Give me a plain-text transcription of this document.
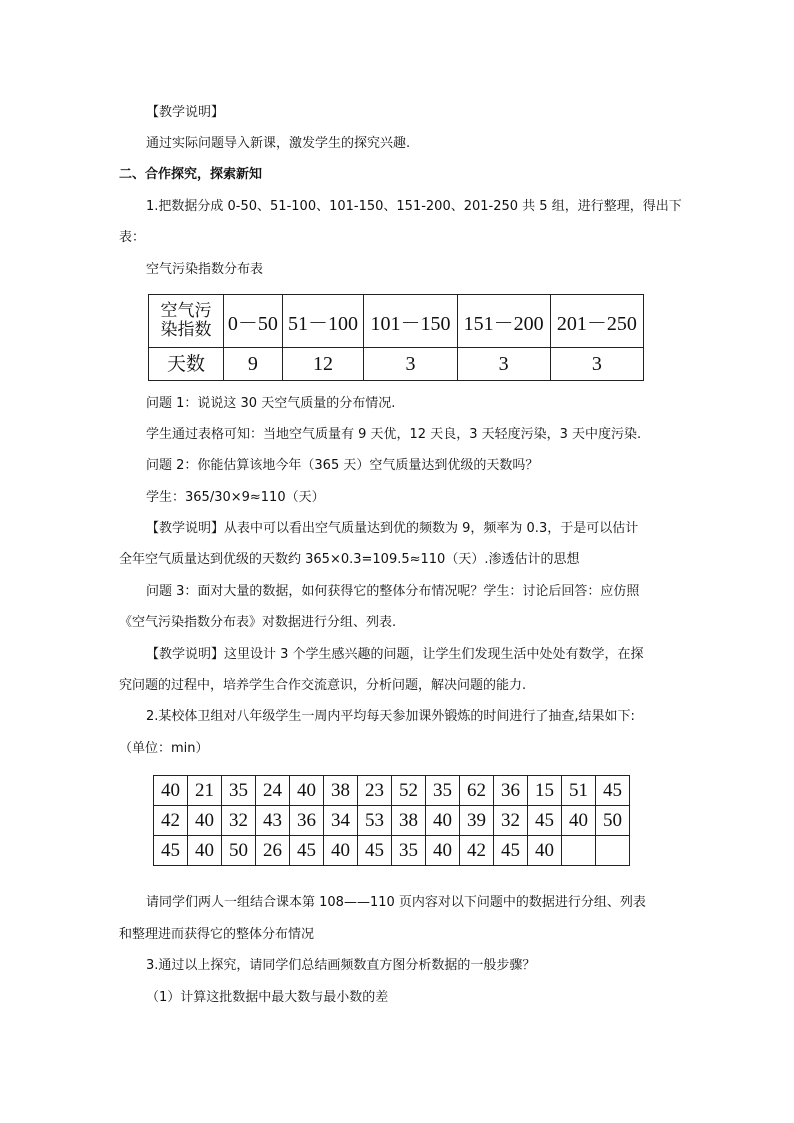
【教学说明】
通过实际问题导入新课，激发学生的探究兴趣.
二、合作探究，探索新知
1.把数据分成 0-50、51-100、101-150、151-200、201-250 共 5 组，进行整理，得出下
表：
空气污染指数分布表
空气污
染指数	0－50	51－100	101－150	151－200	201－250
天数	9	12	3	3	3
问题 1：说说这 30 天空气质量的分布情况.
学生通过表格可知：当地空气质量有 9 天优，12 天良，3 天轻度污染，3 天中度污染.
问题 2：你能估算该地今年（365 天）空气质量达到优级的天数吗？
学生：365/30×9≈110（天）
【教学说明】从表中可以看出空气质量达到优的频数为 9，频率为 0.3，于是可以估计
全年空气质量达到优级的天数约 365×0.3=109.5≈110（天）.渗透估计的思想
问题 3：面对大量的数据，如何获得它的整体分布情况呢？学生：讨论后回答：应仿照
《空气污染指数分布表》对数据进行分组、列表.
【教学说明】这里设计 3 个学生感兴趣的问题，让学生们发现生活中处处有数学，在探
究问题的过程中，培养学生合作交流意识，分析问题，解决问题的能力.
2.某校体卫组对八年级学生一周内平均每天参加课外锻炼的时间进行了抽查,结果如下:
（单位：min）
40	21	35	24	40	38	23	52	35	62	36	15	51	45
42	40	32	43	36	34	53	38	40	39	32	45	40	50
45	40	50	26	45	40	45	35	40	42	45	40		
请同学们两人一组结合课本第 108——110 页内容对以下问题中的数据进行分组、列表
和整理进而获得它的整体分布情况
3.通过以上探究，请同学们总结画频数直方图分析数据的一般步骤？
（1）计算这批数据中最大数与最小数的差
